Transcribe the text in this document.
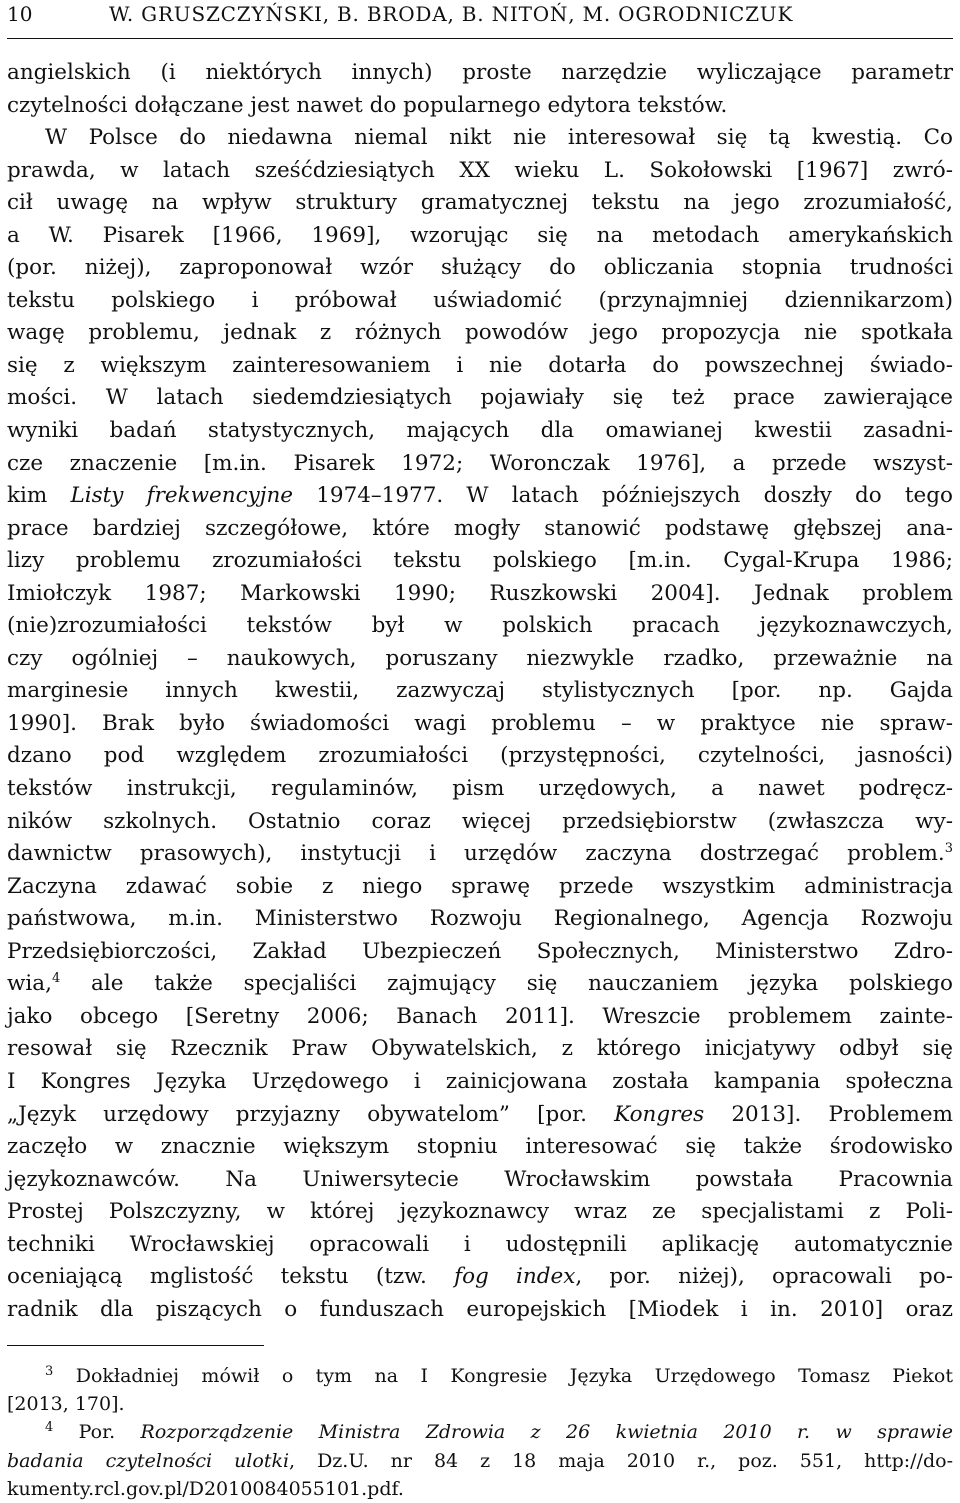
10	W. GRUSZCZYŃSKI, B. BRODA, B. NITOŃ, M. OGRODNICZUK
angielskich (i niektórych innych) proste narzędzie wyliczające parametr
czytelności dołączane jest nawet do popularnego edytora tekstów.
W Polsce do niedawna niemal nikt nie interesował się tą kwestią. Co
prawda, w latach sześćdziesiątych XX wieku L. Sokołowski [1967] zwró-
cił uwagę na wpływ struktury gramatycznej tekstu na jego zrozumiałość,
a W. Pisarek [1966, 1969], wzorując się na metodach amerykańskich
(por. niżej), zaproponował wzór służący do obliczania stopnia trudności
tekstu polskiego i próbował uświadomić (przynajmniej dziennikarzom)
wagę problemu, jednak z różnych powodów jego propozycja nie spotkała
się z większym zainteresowaniem i nie dotarła do powszechnej świado-
mości. W latach siedemdziesiątych pojawiały się też prace zawierające
wyniki badań statystycznych, mających dla omawianej kwestii zasadni-
cze znaczenie [m.in. Pisarek 1972; Woronczak 1976], a przede wszyst-
kim Listy frekwencyjne 1974–1977. W latach późniejszych doszły do tego
prace bardziej szczegółowe, które mogły stanowić podstawę głębszej ana-
lizy problemu zrozumiałości tekstu polskiego [m.in. Cygal-Krupa 1986;
Imiołczyk 1987; Markowski 1990; Ruszkowski 2004]. Jednak problem
(nie)zrozumiałości tekstów był w polskich pracach językoznawczych,
czy ogólniej – naukowych, poruszany niezwykle rzadko, przeważnie na
marginesie innych kwestii, zazwyczaj stylistycznych [por. np. Gajda
1990]. Brak było świadomości wagi problemu – w praktyce nie spraw-
dzano pod względem zrozumiałości (przystępności, czytelności, jasności)
tekstów instrukcji, regulaminów, pism urzędowych, a nawet podręcz-
ników szkolnych. Ostatnio coraz więcej przedsiębiorstw (zwłaszcza wy-
dawnictw prasowych), instytucji i urzędów zaczyna dostrzegać problem.$^3$
Zaczyna zdawać sobie z niego sprawę przede wszystkim administracja
państwowa, m.in. Ministerstwo Rozwoju Regionalnego, Agencja Rozwoju
Przedsiębiorczości, Zakład Ubezpieczeń Społecznych, Ministerstwo Zdro-
wia,$^4$ ale także specjaliści zajmujący się nauczaniem języka polskiego
jako obcego [Seretny 2006; Banach 2011]. Wreszcie problemem zainte-
resował się Rzecznik Praw Obywatelskich, z którego inicjatywy odbył się
I Kongres Języka Urzędowego i zainicjowana została kampania społeczna
„Język urzędowy przyjazny obywatelom” [por. Kongres 2013]. Problemem
zaczęło w znacznie większym stopniu interesować się także środowisko
językoznawców. Na Uniwersytecie Wrocławskim powstała Pracownia
Prostej Polszczyzny, w której językoznawcy wraz ze specjalistami z Poli-
techniki Wrocławskiej opracowali i udostępnili aplikację automatycznie
oceniającą mglistość tekstu (tzw. fog index, por. niżej), opracowali po-
radnik dla piszących o funduszach europejskich [Miodek i in. 2010] oraz
$^3$ Dokładniej mówił o tym na I Kongresie Języka Urzędowego Tomasz Piekot
[2013, 170].
$^4$ Por. Rozporządzenie Ministra Zdrowia z 26 kwietnia 2010 r. w sprawie
badania czytelności ulotki, Dz.U. nr 84 z 18 maja 2010 r., poz. 551, http://do-
kumenty.rcl.gov.pl/D2010084055101.pdf.
